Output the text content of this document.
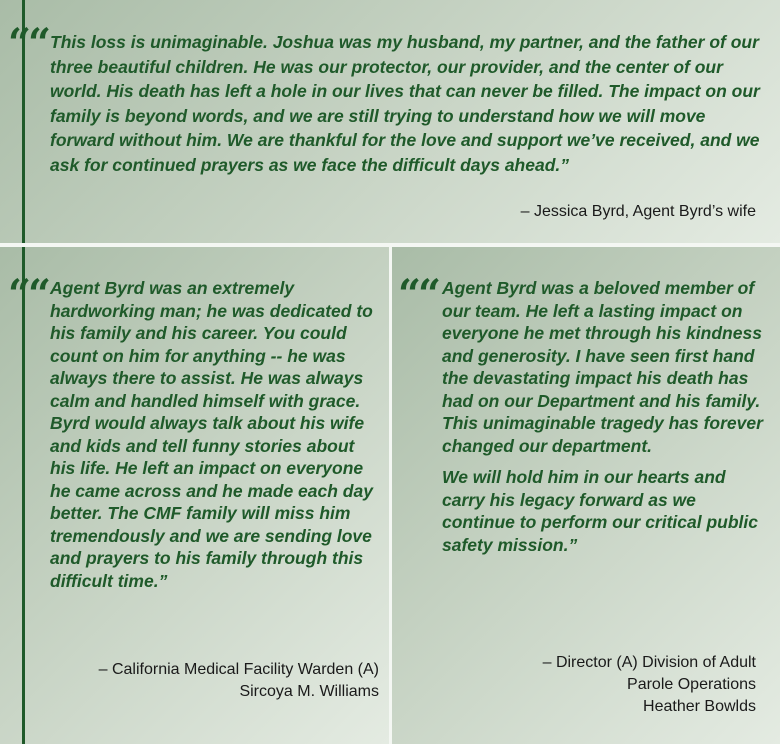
““ This loss is unimaginable. Joshua was my husband, my partner, and the father of our three beautiful children. He was our protector, our provider, and the center of our world. His death has left a hole in our lives that can never be filled. The impact on our family is beyond words, and we are still trying to understand how we will move forward without him. We are thankful for the love and support we’ve received, and we ask for continued prayers as we face the difficult days ahead.”

– Jessica Byrd, Agent Byrd’s wife

““ Agent Byrd was an extremely hardworking man; he was dedicated to his family and his career. You could count on him for anything -- he was always there to assist. He was always calm and handled himself with grace. Byrd would always talk about his wife and kids and tell funny stories about his life. He left an impact on everyone he came across and he made each day better. The CMF family will miss him tremendously and we are sending love and prayers to his family through this difficult time.”

– California Medical Facility Warden (A)
Sircoya M. Williams

““ Agent Byrd was a beloved member of our team. He left a lasting impact on everyone he met through his kindness and generosity. I have seen first hand the devastating impact his death has had on our Department and his family. This unimaginable tragedy has forever changed our department.

We will hold him in our hearts and carry his legacy forward as we continue to perform our critical public safety mission.”

– Director (A) Division of Adult
Parole Operations
Heather Bowlds
